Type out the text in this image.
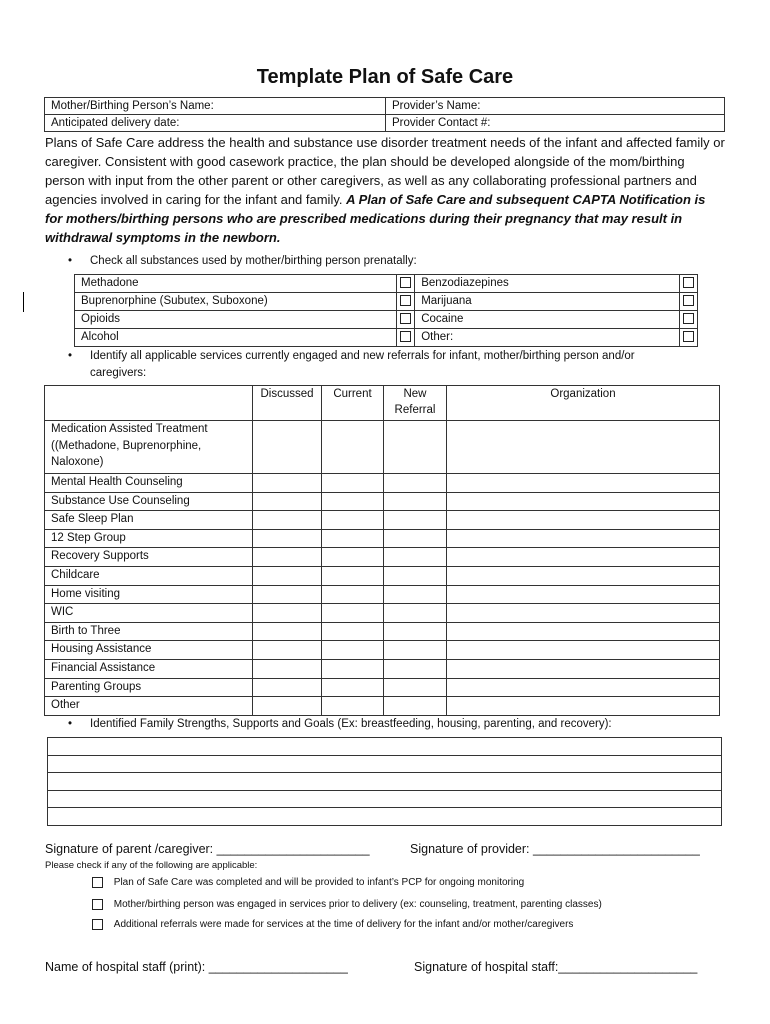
Template Plan of Safe Care
Mother/Birthing Person’s Name:	Provider’s Name:
Anticipated delivery date:	Provider Contact #:
Plans of Safe Care address the health and substance use disorder treatment needs of the infant and affected family or caregiver. Consistent with good casework practice, the plan should be developed alongside of the mom/birthing person with input from the other parent or other caregivers, as well as any collaborating professional partners and agencies involved in caring for the infant and family. A Plan of Safe Care and subsequent CAPTA Notification is for mothers/birthing persons who are prescribed medications during their pregnancy that may result in withdrawal symptoms in the newborn.
• Check all substances used by mother/birthing person prenatally:
Methadone		Benzodiazepines	
Buprenorphine (Subutex, Suboxone)		Marijuana	
Opioids		Cocaine	
Alcohol		Other:	
• Identify all applicable services currently engaged and new referrals for infant, mother/birthing person and/or caregivers:
	Discussed	Current	New Referral	Organization
Medication Assisted Treatment ((Methadone, Buprenorphine, Naloxone)				
Mental Health Counseling				
Substance Use Counseling				
Safe Sleep Plan				
12 Step Group				
Recovery Supports				
Childcare				
Home visiting				
WIC				
Birth to Three				
Housing Assistance				
Financial Assistance				
Parenting Groups				
Other				
• Identified Family Strengths, Supports and Goals (Ex: breastfeeding, housing, parenting, and recovery):

Signature of parent /caregiver: ______________________	Signature of provider: ________________________
Please check if any of the following are applicable:
Plan of Safe Care was completed and will be provided to infant’s PCP for ongoing monitoring
Mother/birthing person was engaged in services prior to delivery (ex: counseling, treatment, parenting classes)
Additional referrals were made for services at the time of delivery for the infant and/or mother/caregivers
Name of hospital staff (print): ____________________	Signature of hospital staff:____________________
